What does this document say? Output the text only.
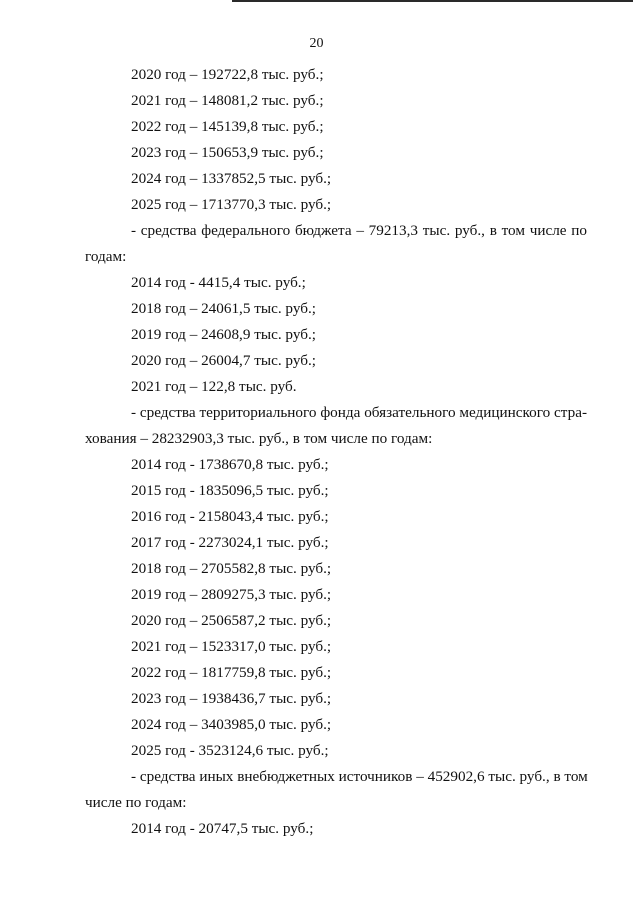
20
2020 год – 192722,8 тыс. руб.;
2021 год – 148081,2 тыс. руб.;
2022 год – 145139,8 тыс. руб.;
2023 год – 150653,9 тыс. руб.;
2024 год – 1337852,5 тыс. руб.;
2025 год – 1713770,3 тыс. руб.;
- средства федерального бюджета – 79213,3 тыс. руб., в том числе по
годам:
2014 год - 4415,4 тыс. руб.;
2018 год – 24061,5 тыс. руб.;
2019 год – 24608,9 тыс. руб.;
2020 год – 26004,7 тыс. руб.;
2021 год – 122,8 тыс. руб.
- средства территориального фонда обязательного медицинского стра-
хования – 28232903,3 тыс. руб., в том числе по годам:
2014 год - 1738670,8 тыс. руб.;
2015 год - 1835096,5 тыс. руб.;
2016 год - 2158043,4 тыс. руб.;
2017 год - 2273024,1 тыс. руб.;
2018 год – 2705582,8 тыс. руб.;
2019 год – 2809275,3 тыс. руб.;
2020 год – 2506587,2 тыс. руб.;
2021 год – 1523317,0 тыс. руб.;
2022 год – 1817759,8 тыс. руб.;
2023 год – 1938436,7 тыс. руб.;
2024 год – 3403985,0 тыс. руб.;
2025 год - 3523124,6 тыс. руб.;
- средства иных внебюджетных источников – 452902,6 тыс. руб., в том
числе по годам:
2014 год - 20747,5 тыс. руб.;
